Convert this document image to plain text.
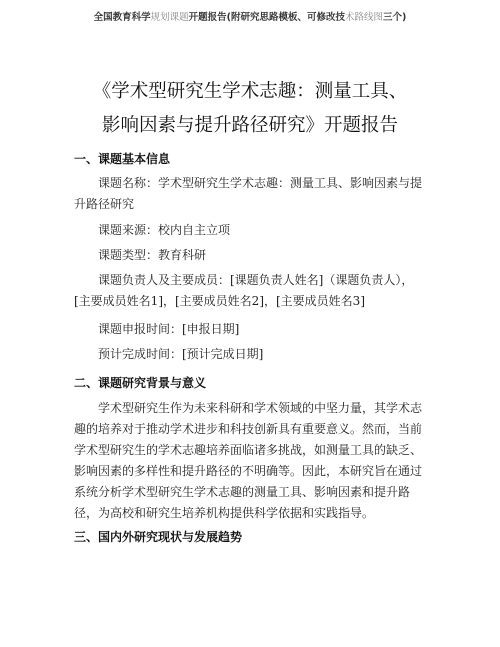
全国教育科学规划课题开题报告(附研究思路模板、可修改技术路线图三个)
《学术型研究生学术志趣：测量工具、
影响因素与提升路径研究》开题报告
一、课题基本信息
课题名称：学术型研究生学术志趣：测量工具、影响因素与提升路径研究
课题来源：校内自主立项
课题类型：教育科研
课题负责人及主要成员：[课题负责人姓名]（课题负责人），[主要成员姓名1]，[主要成员姓名2]，[主要成员姓名3]
课题申报时间：[申报日期]
预计完成时间：[预计完成日期]
二、课题研究背景与意义
学术型研究生作为未来科研和学术领域的中坚力量，其学术志趣的培养对于推动学术进步和科技创新具有重要意义。然而，当前学术型研究生的学术志趣培养面临诸多挑战，如测量工具的缺乏、影响因素的多样性和提升路径的不明确等。因此，本研究旨在通过系统分析学术型研究生学术志趣的测量工具、影响因素和提升路径，为高校和研究生培养机构提供科学依据和实践指导。
三、国内外研究现状与发展趋势
